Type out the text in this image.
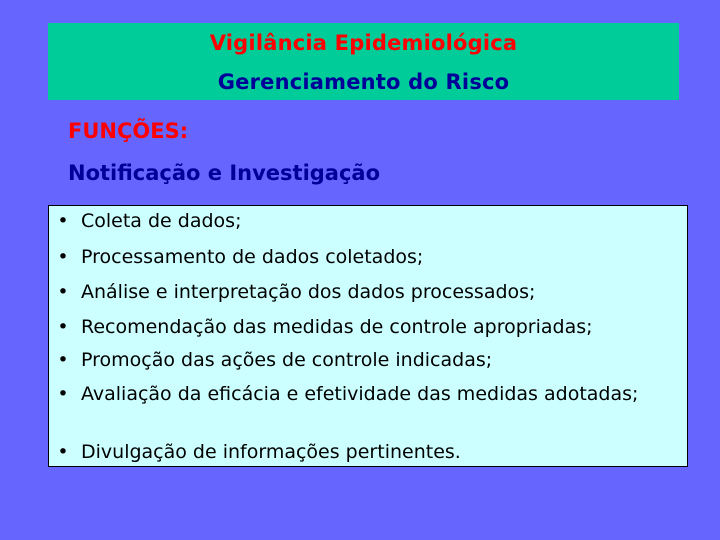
Vigilância Epidemiológica
Gerenciamento do Risco
FUNÇÕES:
Notificação e Investigação
• Coleta de dados;
• Processamento de dados coletados;
• Análise e interpretação dos dados processados;
• Recomendação das medidas de controle apropriadas;
• Promoção das ações de controle indicadas;
• Avaliação da eficácia e efetividade das medidas adotadas;
• Divulgação de informações pertinentes.
